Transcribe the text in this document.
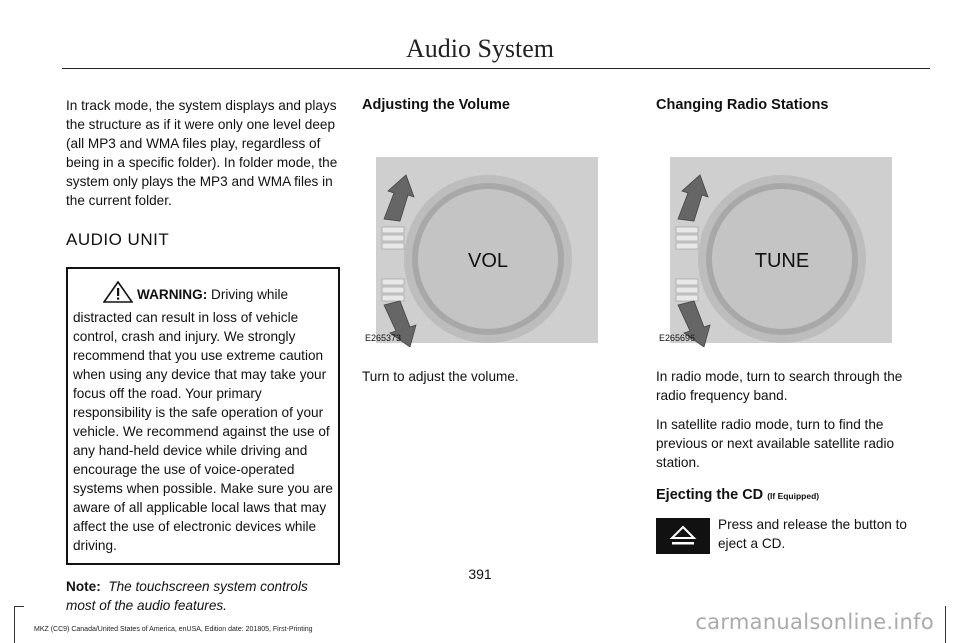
Audio System

In track mode, the system displays and plays the structure as if it were only one level deep (all MP3 and WMA files play, regardless of being in a specific folder). In folder mode, the system only plays the MP3 and WMA files in the current folder.

AUDIO UNIT
WARNING: Driving while distracted can result in loss of vehicle control, crash and injury. We strongly recommend that you use extreme caution when using any device that may take your focus off the road. Your primary responsibility is the safe operation of your vehicle. We recommend against the use of any hand-held device while driving and encourage the use of voice-operated systems when possible. Make sure you are aware of all applicable local laws that may affect the use of electronic devices while driving.

Note: The touchscreen system controls most of the audio features.

Adjusting the Volume
VOL
E265373

Turn to adjust the volume.

Changing Radio Stations
TUNE
E265696

In radio mode, turn to search through the radio frequency band.

In satellite radio mode, turn to find the previous or next available satellite radio station.

Ejecting the CD (If Equipped)

Press and release the button to eject a CD.

391
MKZ (CC9) Canada/United States of America, enUSA, Edition date: 201805, First-Printing	carmanualsonline.info
